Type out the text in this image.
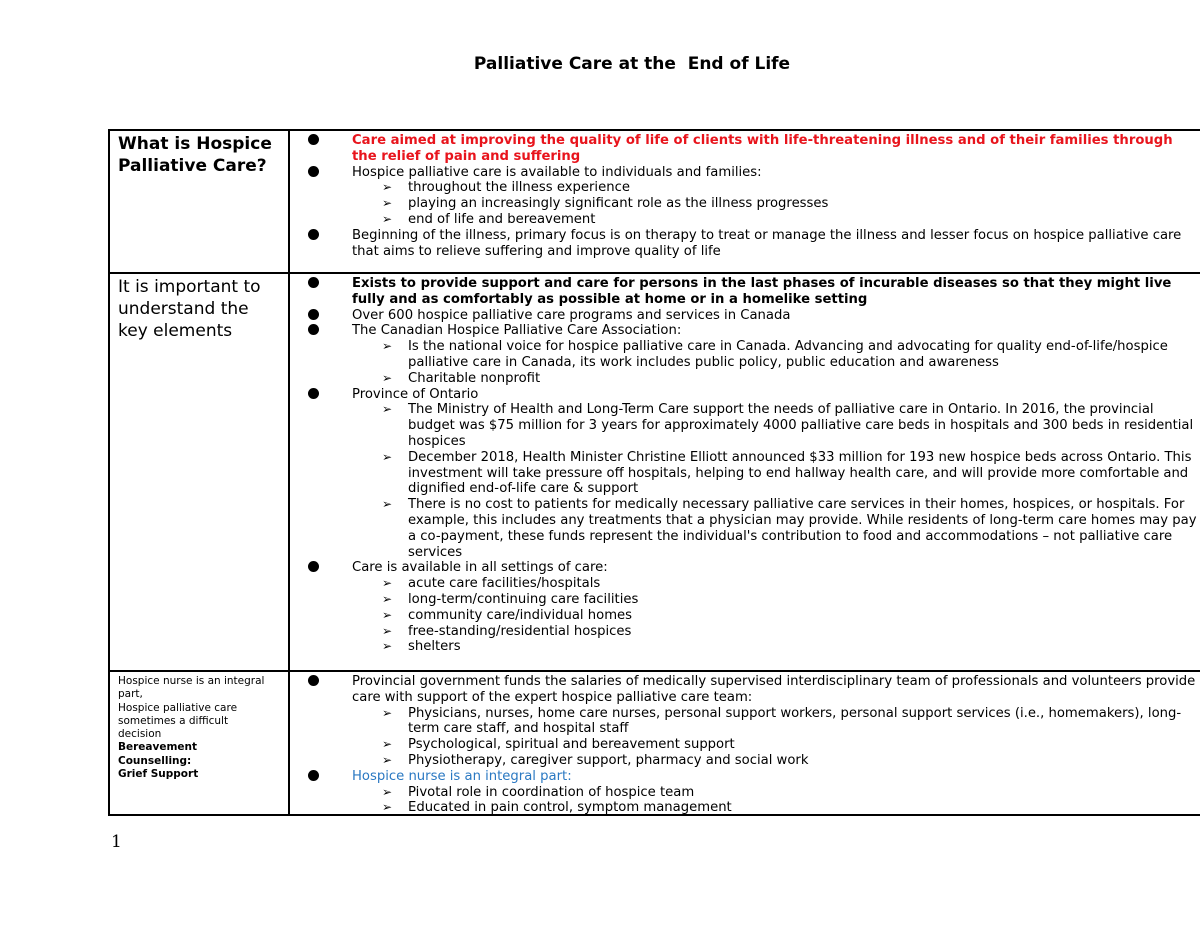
Palliative Care at the  End of Life
What is Hospice Palliative Care?
Care aimed at improving the quality of life of clients with life-threatening illness and of their families through
the relief of pain and suffering
Hospice palliative care is available to individuals and families:
➢ throughout the illness experience
➢ playing an increasingly significant role as the illness progresses
➢ end of life and bereavement
Beginning of the illness, primary focus is on therapy to treat or manage the illness and lesser focus on hospice palliative care
that aims to relieve suffering and improve quality of life
It is important to understand the key elements
Exists to provide support and care for persons in the last phases of incurable diseases so that they might live
fully and as comfortably as possible at home or in a homelike setting
Over 600 hospice palliative care programs and services in Canada
The Canadian Hospice Palliative Care Association:
➢ Is the national voice for hospice palliative care in Canada. Advancing and advocating for quality end-of-life/hospice
palliative care in Canada, its work includes public policy, public education and awareness
➢ Charitable nonprofit
Province of Ontario
➢ The Ministry of Health and Long-Term Care support the needs of palliative care in Ontario. In 2016, the provincial
budget was $75 million for 3 years for approximately 4000 palliative care beds in hospitals and 300 beds in residential
hospices
➢ December 2018, Health Minister Christine Elliott announced $33 million for 193 new hospice beds across Ontario. This
investment will take pressure off hospitals, helping to end hallway health care, and will provide more comfortable and
dignified end-of-life care & support
➢ There is no cost to patients for medically necessary palliative care services in their homes, hospices, or hospitals. For
example, this includes any treatments that a physician may provide. While residents of long-term care homes may pay
a co-payment, these funds represent the individual's contribution to food and accommodations – not palliative care
services
Care is available in all settings of care:
➢ acute care facilities/hospitals
➢ long-term/continuing care facilities
➢ community care/individual homes
➢ free-standing/residential hospices
➢ shelters
Hospice nurse is an integral
part,
Hospice palliative care
sometimes a difficult
decision
Bereavement
Counselling:
Grief Support
Provincial government funds the salaries of medically supervised interdisciplinary team of professionals and volunteers provide
care with support of the expert hospice palliative care team:
➢ Physicians, nurses, home care nurses, personal support workers, personal support services (i.e., homemakers), long-
term care staff, and hospital staff
➢ Psychological, spiritual and bereavement support
➢ Physiotherapy, caregiver support, pharmacy and social work
Hospice nurse is an integral part:
➢ Pivotal role in coordination of hospice team
➢ Educated in pain control, symptom management
1
